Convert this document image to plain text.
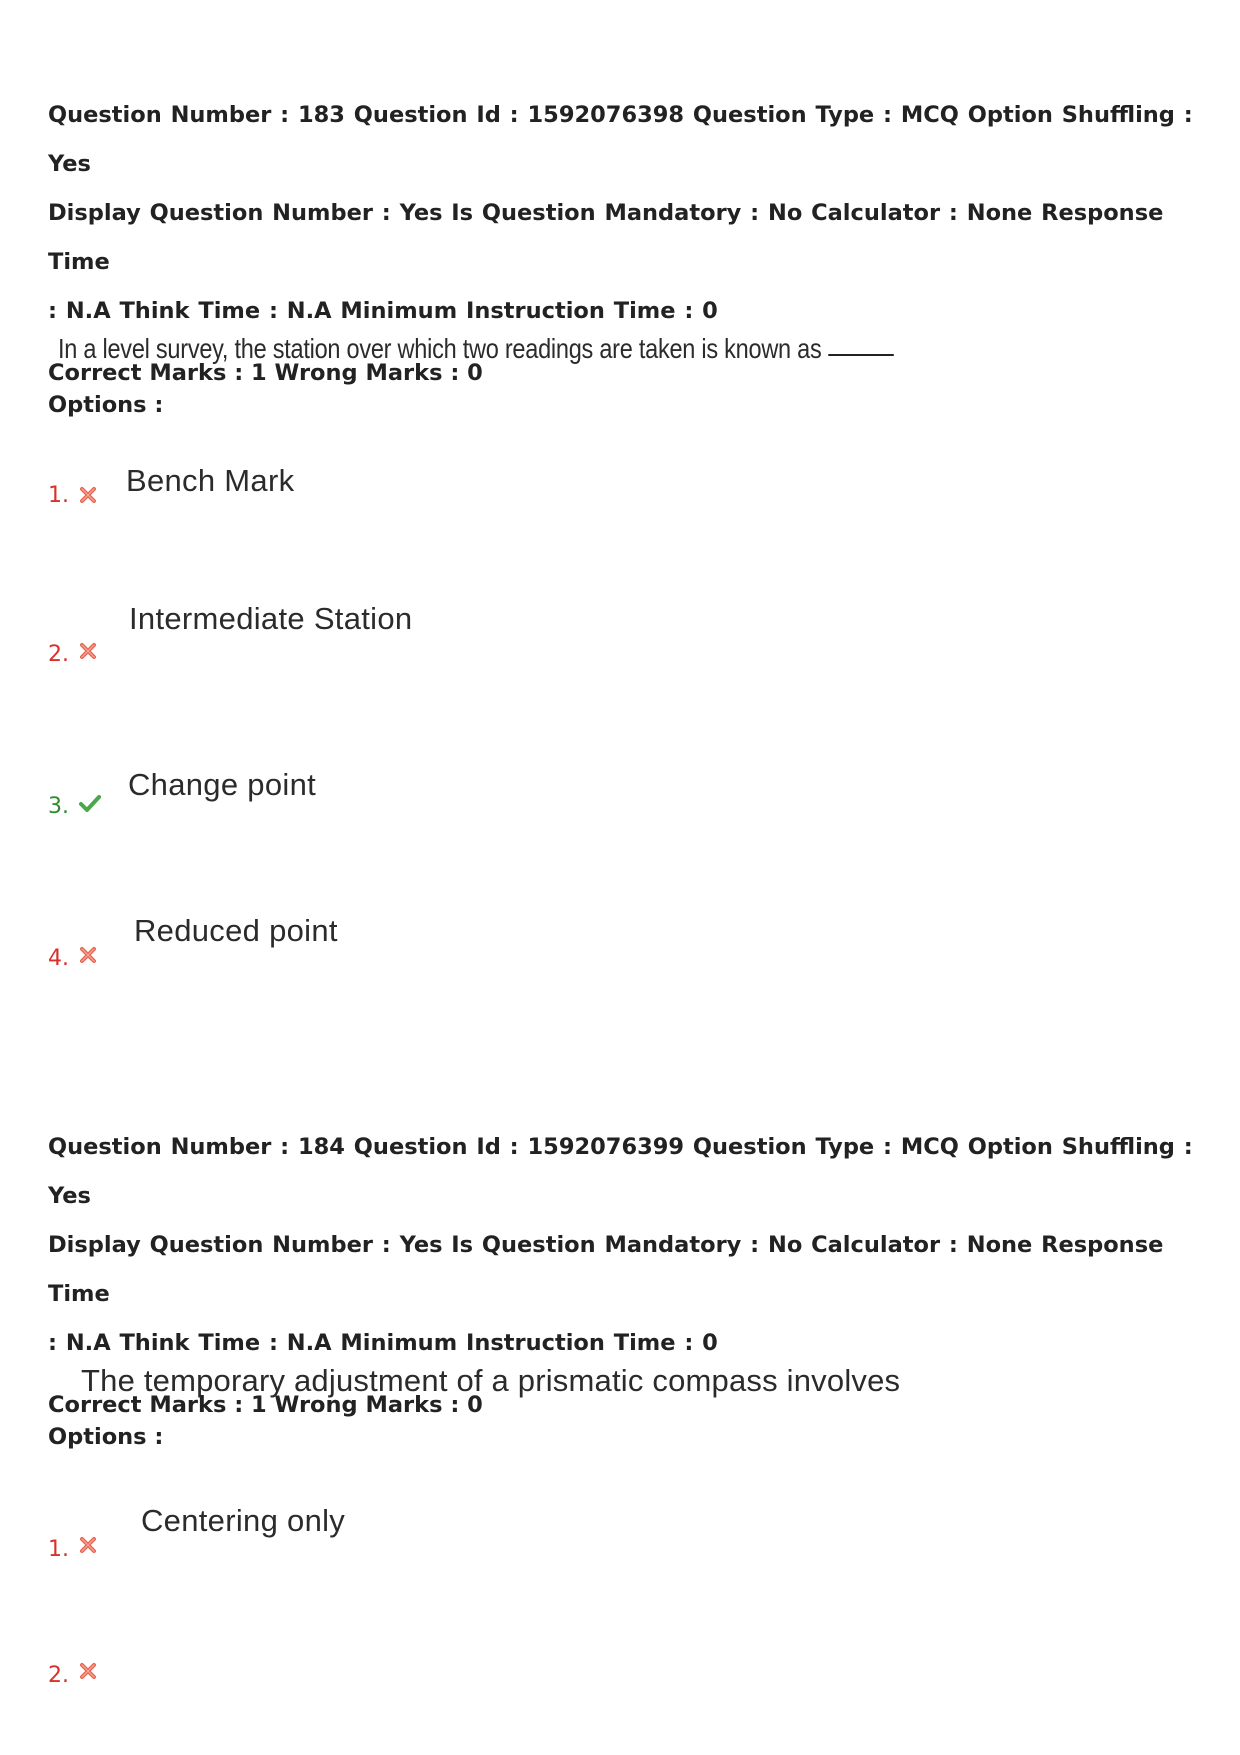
Question Number : 183 Question Id : 1592076398 Question Type : MCQ Option Shuffling : Yes

Display Question Number : Yes Is Question Mandatory : No Calculator : None Response Time

: N.A Think Time : N.A Minimum Instruction Time : 0

Correct Marks : 1 Wrong Marks : 0
In a level survey, the station over which two readings are taken is known as
Options :
1. Bench Mark
2.
Intermediate Station
3.
Change point
4.
Reduced point

Question Number : 184 Question Id : 1592076399 Question Type : MCQ Option Shuffling : Yes

Display Question Number : Yes Is Question Mandatory : No Calculator : None Response Time

: N.A Think Time : N.A Minimum Instruction Time : 0

Correct Marks : 1 Wrong Marks : 0
The temporary adjustment of a prismatic compass involves
Options :
1.
Centering only
2.
